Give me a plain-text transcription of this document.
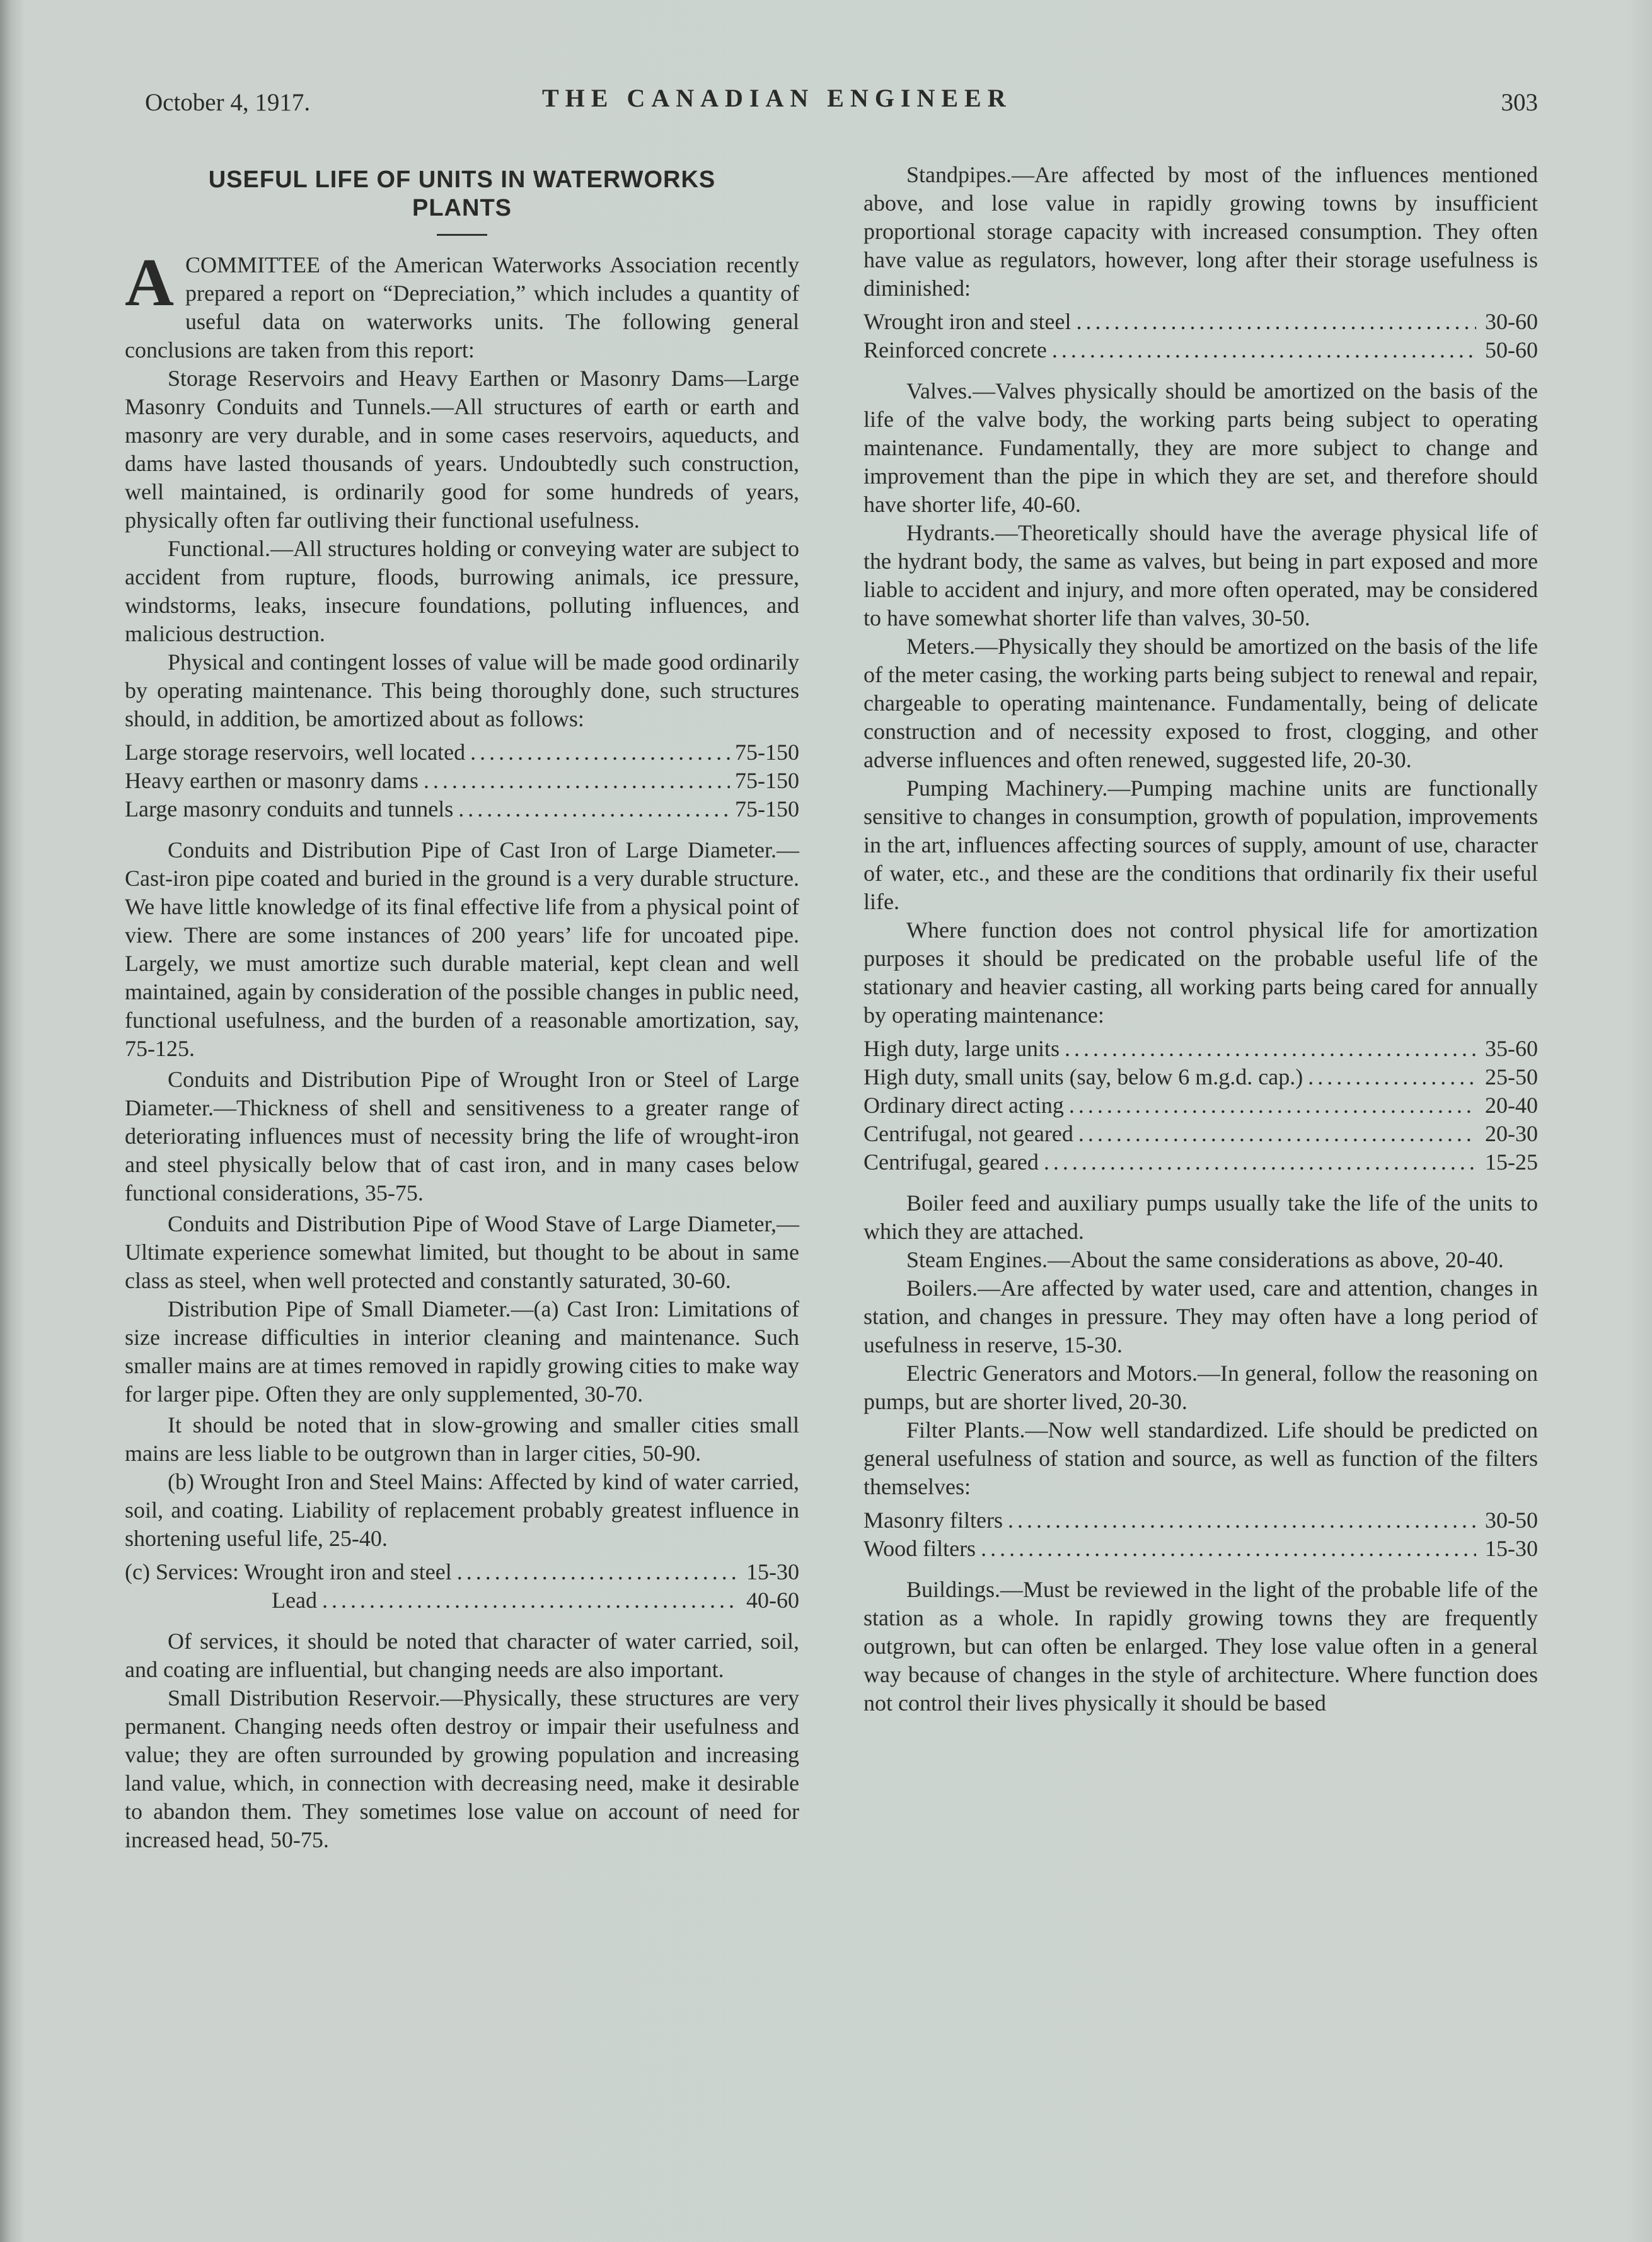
October 4, 1917.	THE CANADIAN ENGINEER	303
USEFUL LIFE OF UNITS IN WATERWORKS
PLANTS

ACOMMITTEE of the American Waterworks Association recently prepared a report on “Depreciation,” which includes a quantity of useful data on waterworks units. The following general conclusions are taken from this report:

Storage Reservoirs and Heavy Earthen or Masonry Dams—Large Masonry Conduits and Tunnels.—All structures of earth or earth and masonry are very durable, and in some cases reservoirs, aqueducts, and dams have lasted thousands of years. Undoubtedly such construction, well maintained, is ordinarily good for some hundreds of years, physically often far outliving their functional usefulness.

Functional.—All structures holding or conveying water are subject to accident from rupture, floods, burrowing animals, ice pressure, windstorms, leaks, insecure foundations, polluting influences, and malicious destruction.

Physical and contingent losses of value will be made good ordinarily by operating maintenance. This being thoroughly done, such structures should, in addition, be amortized about as follows:

Large storage reservoirs, well located .....	75-150
Heavy earthen or masonry dams .....	75-150
Large masonry conduits and tunnels .....	75-150

Conduits and Distribution Pipe of Cast Iron of Large Diameter.—Cast-iron pipe coated and buried in the ground is a very durable structure. We have little knowledge of its final effective life from a physical point of view. There are some instances of 200 years’ life for uncoated pipe. Largely, we must amortize such durable material, kept clean and well maintained, again by consideration of the possible changes in public need, functional usefulness, and the burden of a reasonable amortization, say, 75-125.

Conduits and Distribution Pipe of Wrought Iron or Steel of Large Diameter.—Thickness of shell and sensitiveness to a greater range of deteriorating influences must of necessity bring the life of wrought-iron and steel physically below that of cast iron, and in many cases below functional considerations, 35-75.

Conduits and Distribution Pipe of Wood Stave of Large Diameter,—Ultimate experience somewhat limited, but thought to be about in same class as steel, when well protected and constantly saturated, 30-60.

Distribution Pipe of Small Diameter.—(a) Cast Iron: Limitations of size increase difficulties in interior cleaning and maintenance. Such smaller mains are at times removed in rapidly growing cities to make way for larger pipe. Often they are only supplemented, 30-70.

It should be noted that in slow-growing and smaller cities small mains are less liable to be outgrown than in larger cities, 50-90.

(b) Wrought Iron and Steel Mains: Affected by kind of water carried, soil, and coating. Liability of replacement probably greatest influence in shortening useful life, 25-40.

(c) Services: Wrought iron and steel .....	15-30
Lead .....	40-60

Of services, it should be noted that character of water carried, soil, and coating are influential, but changing needs are also important.

Small Distribution Reservoir.—Physically, these structures are very permanent. Changing needs often destroy or impair their usefulness and value; they are often surrounded by growing population and increasing land value, which, in connection with decreasing need, make it desirable to abandon them. They sometimes lose value on account of need for increased head, 50-75.

Standpipes.—Are affected by most of the influences mentioned above, and lose value in rapidly growing towns by insufficient proportional storage capacity with increased consumption. They often have value as regulators, however, long after their storage usefulness is diminished:

Wrought iron and steel .....	30-60
Reinforced concrete .....	50-60

Valves.—Valves physically should be amortized on the basis of the life of the valve body, the working parts being subject to operating maintenance. Fundamentally, they are more subject to change and improvement than the pipe in which they are set, and therefore should have shorter life, 40-60.

Hydrants.—Theoretically should have the average physical life of the hydrant body, the same as valves, but being in part exposed and more liable to accident and injury, and more often operated, may be considered to have somewhat shorter life than valves, 30-50.

Meters.—Physically they should be amortized on the basis of the life of the meter casing, the working parts being subject to renewal and repair, chargeable to operating maintenance. Fundamentally, being of delicate construction and of necessity exposed to frost, clogging, and other adverse influences and often renewed, suggested life, 20-30.

Pumping Machinery.—Pumping machine units are functionally sensitive to changes in consumption, growth of population, improvements in the art, influences affecting sources of supply, amount of use, character of water, etc., and these are the conditions that ordinarily fix their useful life.

Where function does not control physical life for amortization purposes it should be predicated on the probable useful life of the stationary and heavier casting, all working parts being cared for annually by operating maintenance:

High duty, large units .....	35-60
High duty, small units (say, below 6 m.g.d. cap.) .....	25-50
Ordinary direct acting .....	20-40
Centrifugal, not geared .....	20-30
Centrifugal, geared .....	15-25

Boiler feed and auxiliary pumps usually take the life of the units to which they are attached.

Steam Engines.—About the same considerations as above, 20-40.

Boilers.—Are affected by water used, care and attention, changes in station, and changes in pressure. They may often have a long period of usefulness in reserve, 15-30.

Electric Generators and Motors.—In general, follow the reasoning on pumps, but are shorter lived, 20-30.

Filter Plants.—Now well standardized. Life should be predicted on general usefulness of station and source, as well as function of the filters themselves:

Masonry filters .....	30-50
Wood filters .....	15-30

Buildings.—Must be reviewed in the light of the probable life of the station as a whole. In rapidly growing towns they are frequently outgrown, but can often be enlarged. They lose value often in a general way because of changes in the style of architecture. Where function does not control their lives physically it should be based
